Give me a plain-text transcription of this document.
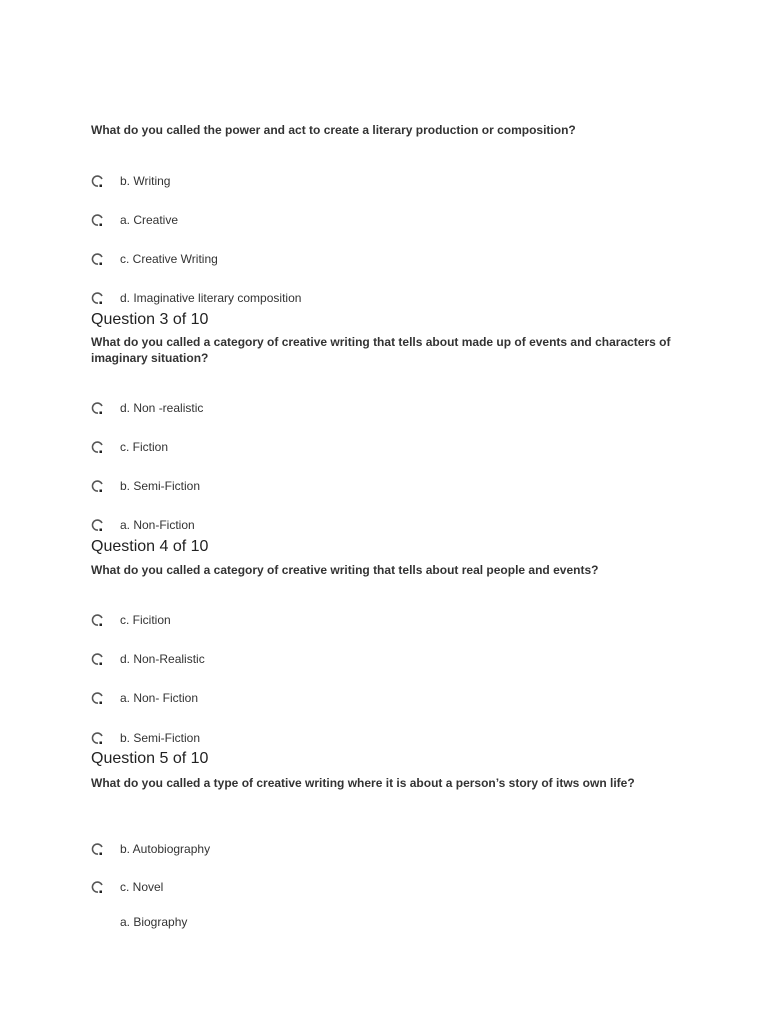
What do you called the power and act to create a literary production or composition?
b. Writing
a. Creative
c. Creative Writing
d. Imaginative literary composition
Question 3 of 10
What do you called a category of creative writing that tells about made up of events and characters of imaginary situation?
d. Non -realistic
c. Fiction
b. Semi-Fiction
a. Non-Fiction
Question 4 of 10
What do you called a category of creative writing that tells about real people and events?
c. Ficition
d. Non-Realistic
a. Non- Fiction
b. Semi-Fiction
Question 5 of 10
What do you called a type of creative writing where it is about a person’s story of itws own life?
b. Autobiography
c. Novel
a. Biography
